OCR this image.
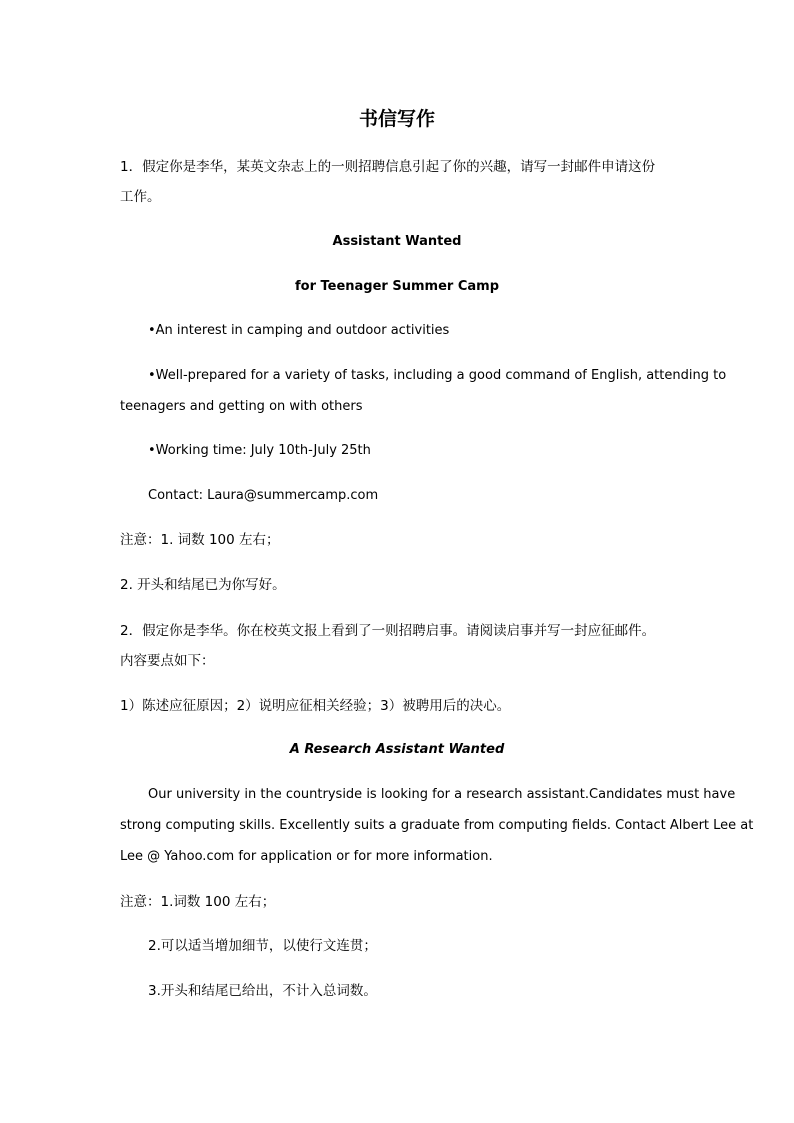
书信写作
1．假定你是李华，某英文杂志上的一则招聘信息引起了你的兴趣，请写一封邮件申请这份
工作。
Assistant Wanted
for Teenager Summer Camp
•An interest in camping and outdoor activities
•Well-prepared for a variety of tasks, including a good command of English, attending to
teenagers and getting on with others
•Working time: July 10th-July 25th
Contact: Laura@summercamp.com
注意：1. 词数 100 左右；
2. 开头和结尾已为你写好。
2．假定你是李华。你在校英文报上看到了一则招聘启事。请阅读启事并写一封应征邮件。
内容要点如下：
1）陈述应征原因；2）说明应征相关经验；3）被聘用后的决心。
A Research Assistant Wanted
Our university in the countryside is looking for a research assistant.Candidates must have
strong computing skills. Excellently suits a graduate from computing fields. Contact Albert Lee at
Lee @ Yahoo.com for application or for more information.
注意：1.词数 100 左右；
2.可以适当增加细节，以使行文连贯；
3.开头和结尾已给出，不计入总词数。
